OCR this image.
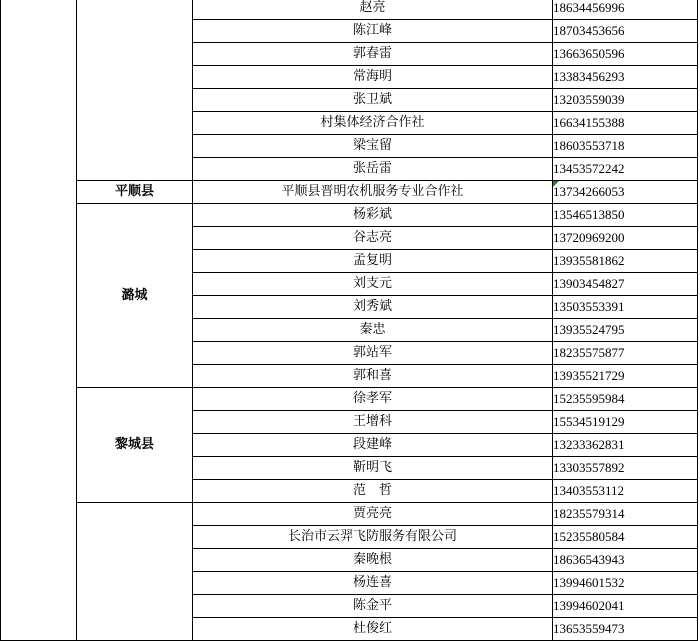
		赵亮	18634456996
		陈江峰	18703453656
		郭春雷	13663650596
		常海明	13383456293
		张卫斌	13203559039
		村集体经济合作社	16634155388
		梁宝留	18603553718
		张岳雷	13453572242
	平顺县	平顺县晋明农机服务专业合作社	13734266053

	潞城	杨彩斌	13546513850
		谷志亮	13720969200
		孟复明	13935581862
		刘支元	13903454827
		刘秀斌	13503553391
		秦忠	13935524795
		郭站军	18235575877
		郭和喜	13935521729
	黎城县	徐孝军	15235595984
		王增科	15534519129
		段建峰	13233362831
		靳明飞	13303557892
		范　哲	13403553112
		贾亮亮	18235579314
		长治市云羿飞防服务有限公司	15235580584
		秦晚根	18636543943
		杨连喜	13994601532
		陈金平	13994602041
		杜俊红	13653559473
